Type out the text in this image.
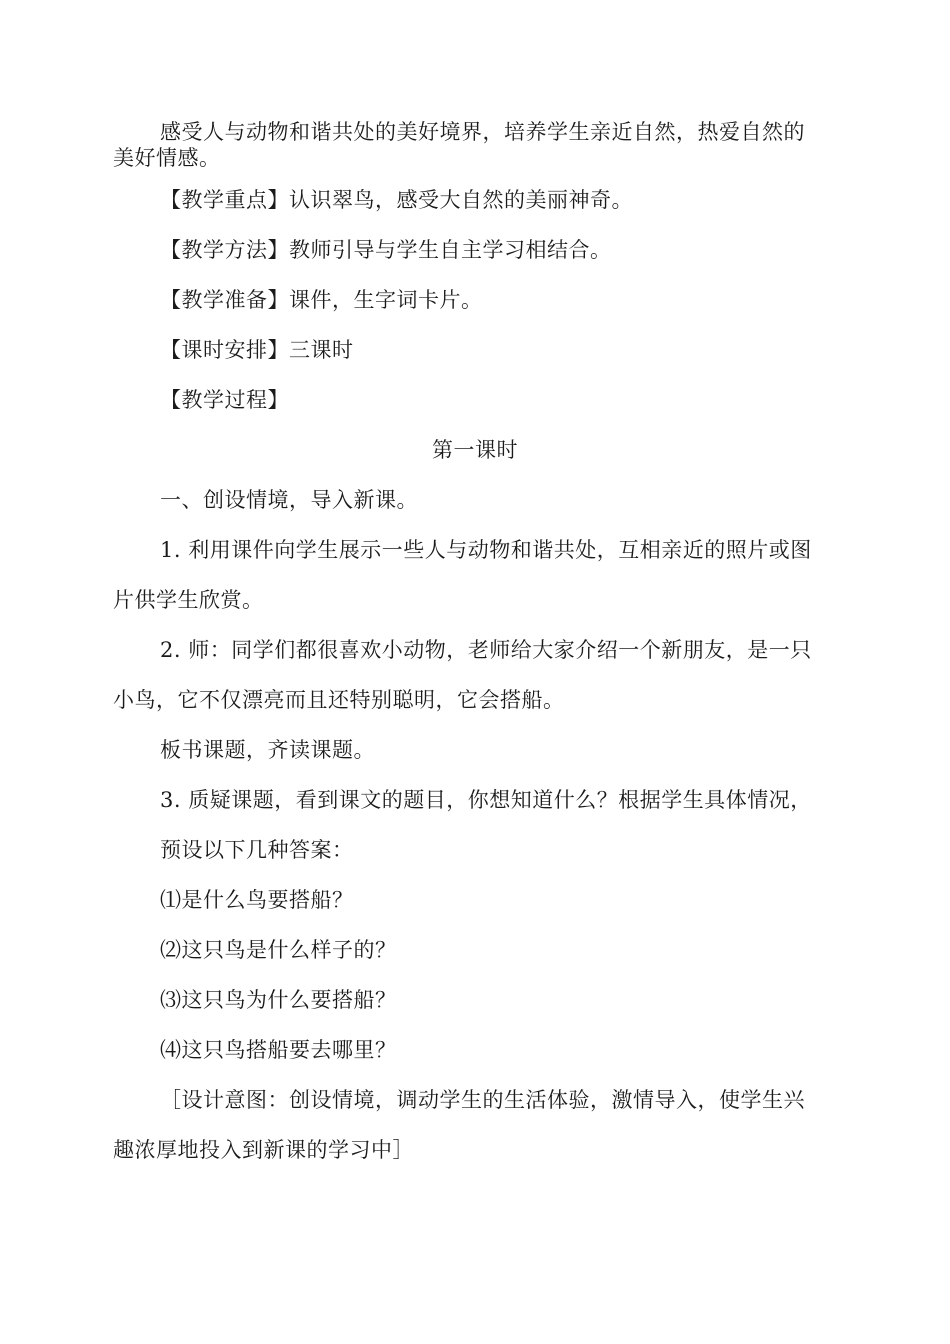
感受人与动物和谐共处的美好境界，培养学生亲近自然，热爱自然的
美好情感。
【教学重点】认识翠鸟，感受大自然的美丽神奇。
【教学方法】教师引导与学生自主学习相结合。
【教学准备】课件，生字词卡片。
【课时安排】三课时
【教学过程】
第一课时
一、创设情境，导入新课。
1. 利用课件向学生展示一些人与动物和谐共处，互相亲近的照片或图
片供学生欣赏。
2. 师：同学们都很喜欢小动物，老师给大家介绍一个新朋友，是一只
小鸟，它不仅漂亮而且还特别聪明，它会搭船。
板书课题，齐读课题。
3. 质疑课题，看到课文的题目，你想知道什么？根据学生具体情况，
预设以下几种答案：
⑴是什么鸟要搭船？
⑵这只鸟是什么样子的？
⑶这只鸟为什么要搭船？
⑷这只鸟搭船要去哪里？
［设计意图：创设情境，调动学生的生活体验，激情导入，使学生兴
趣浓厚地投入到新课的学习中］
